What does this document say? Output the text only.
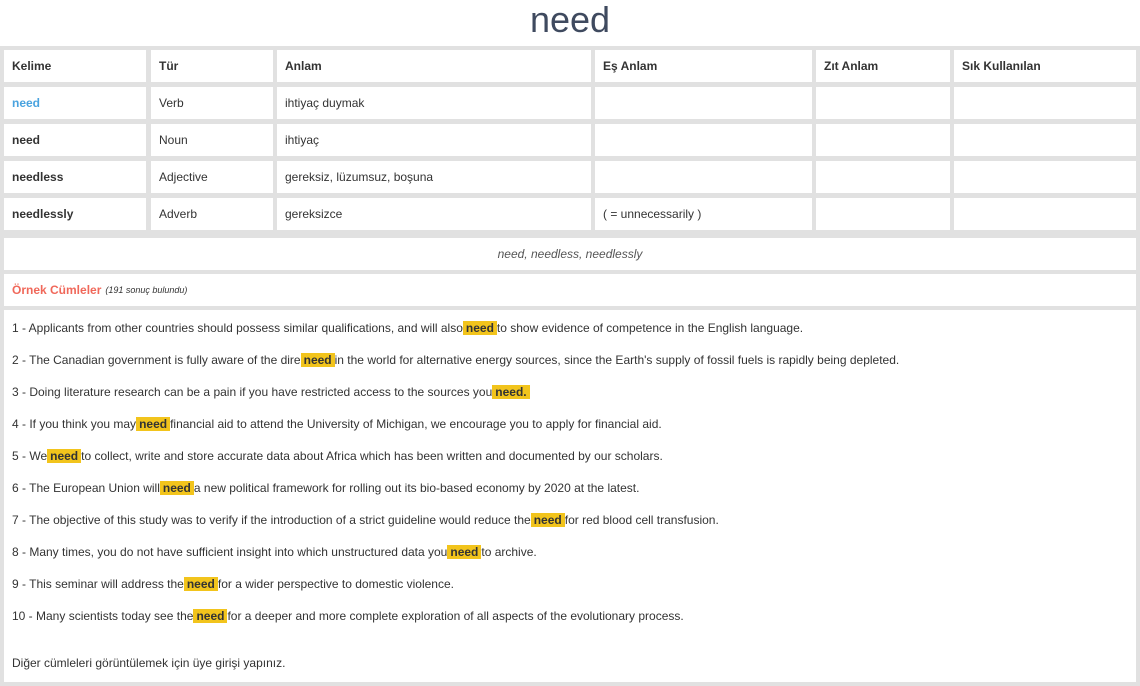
need
Kelime	Tür	Anlam	Eş Anlam	Zıt Anlam	Sık Kullanılan
need	Verb	ihtiyaç duymak
need	Noun	ihtiyaç
needless	Adjective	gereksiz, lüzumsuz, boşuna
needlessly	Adverb	gereksizce	( = unnecessarily )
need, needless, needlessly
Örnek Cümleler (191 sonuç bulundu)
Diğer cümleleri görüntülemek için üye girişi yapınız.
1 - Applicants from other countries should possess similar qualifications, and will also need to show evidence of competence in the English language.
2 - The Canadian government is fully aware of the dire need in the world for alternative energy sources, since the Earth's supply of fossil fuels is rapidly being depleted.
3 - Doing literature research can be a pain if you have restricted access to the sources you need.
4 - If you think you may need financial aid to attend the University of Michigan, we encourage you to apply for financial aid.
5 - We need to collect, write and store accurate data about Africa which has been written and documented by our scholars.
6 - The European Union will need a new political framework for rolling out its bio-based economy by 2020 at the latest.
7 - The objective of this study was to verify if the introduction of a strict guideline would reduce the need for red blood cell transfusion.
8 - Many times, you do not have sufficient insight into which unstructured data you need to archive.
9 - This seminar will address the need for a wider perspective to domestic violence.
10 - Many scientists today see the need for a deeper and more complete exploration of all aspects of the evolutionary process.
